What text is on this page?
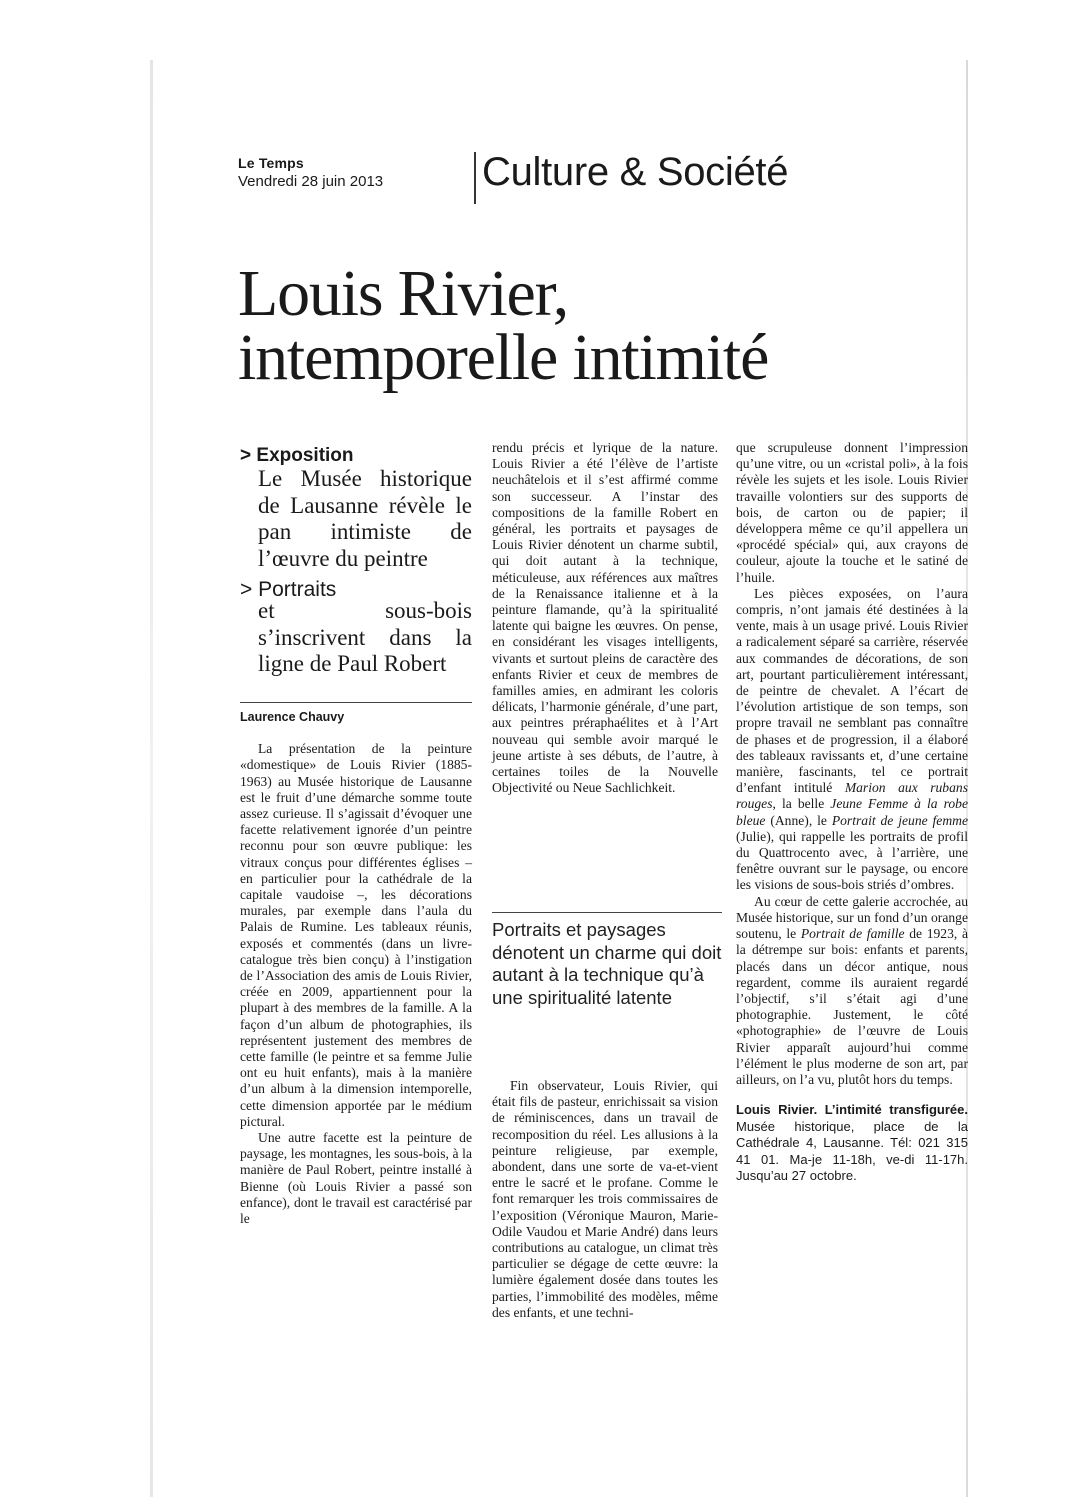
Le Temps
Vendredi 28 juin 2013 Culture & Société
Louis Rivier,
intemporelle intimité
> Exposition
Le Musée historique de Lausanne révèle le pan intimiste de l’œuvre du peintre
> Portraits
et sous-bois s’inscrivent dans la ligne de Paul Robert
Laurence Chauvy

La présentation de la peinture «domestique» de Louis Rivier (1885-1963) au Musée historique de Lausanne est le fruit d’une démarche somme toute assez curieuse. Il s’agissait d’évoquer une facette relativement ignorée d’un peintre reconnu pour son œuvre publique: les vitraux conçus pour différentes églises – en particulier pour la cathédrale de la capitale vaudoise –, les décorations murales, par exemple dans l’aula du Palais de Rumine. Les tableaux réunis, exposés et commentés (dans un livre-catalogue très bien conçu) à l’instigation de l’Association des amis de Louis Rivier, créée en 2009, appartiennent pour la plupart à des membres de la famille. A la façon d’un album de photographies, ils représentent justement des membres de cette famille (le peintre et sa femme Julie ont eu huit enfants), mais à la manière d’un album à la dimension intemporelle, cette dimension apportée par le médium pictural.

Une autre facette est la peinture de paysage, les montagnes, les sous-bois, à la manière de Paul Robert, peintre installé à Bienne (où Louis Rivier a passé son enfance), dont le travail est caractérisé par le

rendu précis et lyrique de la nature. Louis Rivier a été l’élève de l’artiste neuchâtelois et il s’est affirmé comme son successeur. A l’instar des compositions de la famille Robert en général, les portraits et paysages de Louis Rivier dénotent un charme subtil, qui doit autant à la technique, méticuleuse, aux références aux maîtres de la Renaissance italienne et à la peinture flamande, qu’à la spiritualité latente qui baigne les œuvres. On pense, en considérant les visages intelligents, vivants et surtout pleins de caractère des enfants Rivier et ceux de membres de familles amies, en admirant les coloris délicats, l’harmonie générale, d’une part, aux peintres préraphaélites et à l’Art nouveau qui semble avoir marqué le jeune artiste à ses débuts, de l’autre, à certaines toiles de la Nouvelle Objectivité ou Neue Sachlichkeit.

Portraits et paysages dénotent un charme qui doit autant à la technique qu’à une spiritualité latente

Fin observateur, Louis Rivier, qui était fils de pasteur, enrichissait sa vision de réminiscences, dans un travail de recomposition du réel. Les allusions à la peinture religieuse, par exemple, abondent, dans une sorte de va-et-vient entre le sacré et le profane. Comme le font remarquer les trois commissaires de l’exposition (Véronique Mauron, Marie-Odile Vaudou et Marie André) dans leurs contributions au catalogue, un climat très particulier se dégage de cette œuvre: la lumière également dosée dans toutes les parties, l’immobilité des modèles, même des enfants, et une techni-

que scrupuleuse donnent l’impression qu’une vitre, ou un «cristal poli», à la fois révèle les sujets et les isole. Louis Rivier travaille volontiers sur des supports de bois, de carton ou de papier; il développera même ce qu’il appellera un «procédé spécial» qui, aux crayons de couleur, ajoute la touche et le satiné de l’huile.

Les pièces exposées, on l’aura compris, n’ont jamais été destinées à la vente, mais à un usage privé. Louis Rivier a radicalement séparé sa carrière, réservée aux commandes de décorations, de son art, pourtant particulièrement intéressant, de peintre de chevalet. A l’écart de l’évolution artistique de son temps, son propre travail ne semblant pas connaître de phases et de progression, il a élaboré des tableaux ravissants et, d’une certaine manière, fascinants, tel ce portrait d’enfant intitulé Marion aux rubans rouges, la belle Jeune Femme à la robe bleue (Anne), le Portrait de jeune femme (Julie), qui rappelle les portraits de profil du Quattrocento avec, à l’arrière, une fenêtre ouvrant sur le paysage, ou encore les visions de sous-bois striés d’ombres.

Au cœur de cette galerie accrochée, au Musée historique, sur un fond d’un orange soutenu, le Portrait de famille de 1923, à la détrempe sur bois: enfants et parents, placés dans un décor antique, nous regardent, comme ils auraient regardé l’objectif, s’il s’était agi d’une photographie. Justement, le côté «photographie» de l’œuvre de Louis Rivier apparaît aujourd’hui comme l’élément le plus moderne de son art, par ailleurs, on l’a vu, plutôt hors du temps.

Louis Rivier. L’intimité transfigurée. Musée historique, place de la Cathédrale 4, Lausanne. Tél: 021 315 41 01. Ma-je 11-18h, ve-di 11-17h. Jusqu’au 27 octobre.
